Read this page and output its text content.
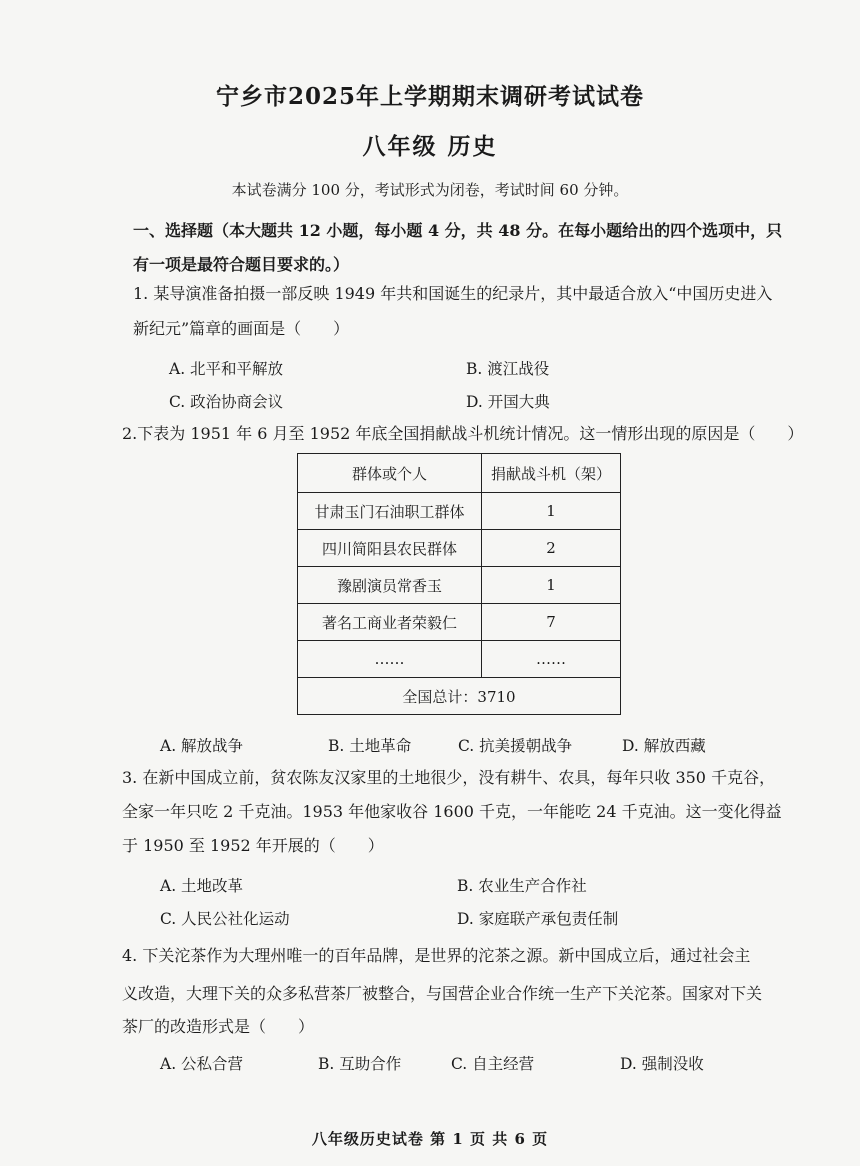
宁乡市2025年上学期期末调研考试试卷
八年级 历史
本试卷满分 100 分，考试形式为闭卷，考试时间 60 分钟。
一、选择题（本大题共 12 小题，每小题 4 分，共 48 分。在每小题给出的四个选项中，只
有一项是最符合题目要求的。）
1. 某导演准备拍摄一部反映 1949 年共和国诞生的纪录片，其中最适合放入“中国历史进入
新纪元”篇章的画面是（　　）
A. 北平和平解放	B. 渡江战役
C. 政治协商会议	D. 开国大典
2.下表为 1951 年 6 月至 1952 年底全国捐献战斗机统计情况。这一情形出现的原因是（　　）
群体或个人	捐献战斗机（架）
甘肃玉门石油职工群体	1
四川简阳县农民群体	2
豫剧演员常香玉	1
著名工商业者荣毅仁	7
……	……
全国总计：3710	
A. 解放战争	B. 土地革命	C. 抗美援朝战争	D. 解放西藏
3. 在新中国成立前，贫农陈友汉家里的土地很少，没有耕牛、农具，每年只收 350 千克谷，
全家一年只吃 2 千克油。1953 年他家收谷 1600 千克，一年能吃 24 千克油。这一变化得益
于 1950 至 1952 年开展的（　　）
A. 土地改革	B. 农业生产合作社
C. 人民公社化运动	D. 家庭联产承包责任制
4. 下关沱茶作为大理州唯一的百年品牌，是世界的沱茶之源。新中国成立后，通过社会主
义改造，大理下关的众多私营茶厂被整合，与国营企业合作统一生产下关沱茶。国家对下关
茶厂的改造形式是（　　）
A. 公私合营	B. 互助合作	C. 自主经营	D. 强制没收
八年级历史试卷 第 1 页 共 6 页
